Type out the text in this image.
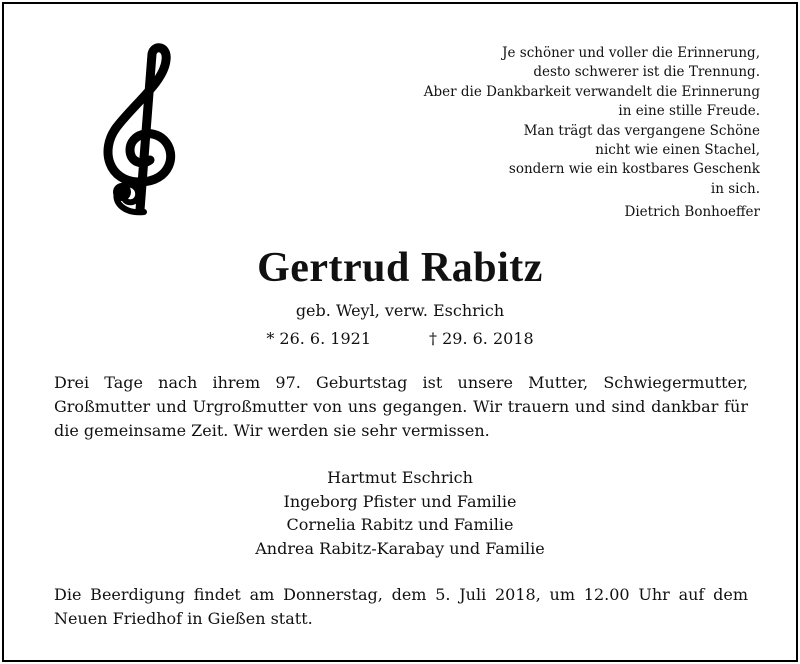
Je schöner und voller die Erinnerung,
desto schwerer ist die Trennung.
Aber die Dankbarkeit verwandelt die Erinnerung
in eine stille Freude.
Man trägt das vergangene Schöne
nicht wie einen Stachel,
sondern wie ein kostbares Geschenk
in sich.
Dietrich Bonhoeffer
Gertrud Rabitz
geb. Weyl, verw. Eschrich
* 26. 6. 1921	† 29. 6. 2018
Drei Tage nach ihrem 97. Geburtstag ist unsere Mutter, Schwiegermutter, Großmutter und Urgroßmutter von uns gegangen. Wir trauern und sind dankbar für die gemeinsame Zeit. Wir werden sie sehr vermissen.
Hartmut Eschrich
Ingeborg Pfister und Familie
Cornelia Rabitz und Familie
Andrea Rabitz-Karabay und Familie
Die Beerdigung findet am Donnerstag, dem 5. Juli 2018, um 12.00 Uhr auf dem Neuen Friedhof in Gießen statt.
